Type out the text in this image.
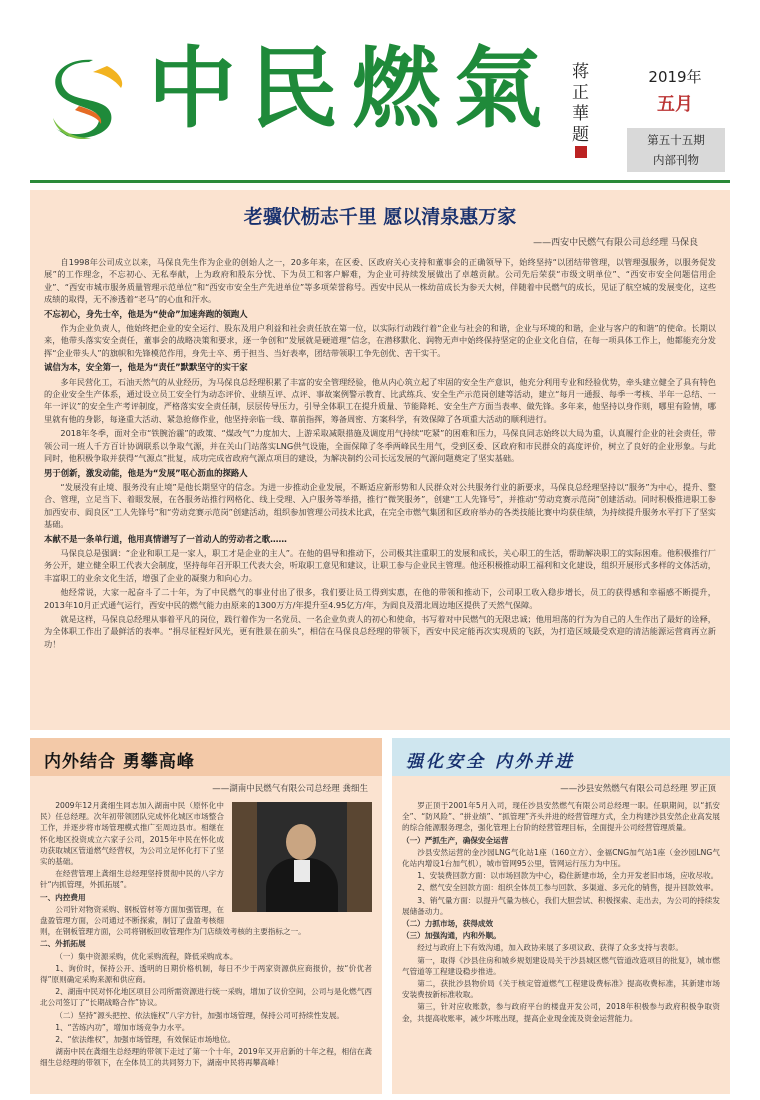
中民燃氣 蒋正華题
2019年
五月
第五十五期
内部刊物
老骥伏枥志千里 愿以清泉惠万家
——西安中民燃气有限公司总经理 马保良

自1998年公司成立以来，马保良先生作为企业的创始人之一，20多年来，在区委、区政府关心支持和董事会的正确领导下，始终坚持“以团结带管理，以管理强服务，以服务促发展”的工作理念，不忘初心、无私奉献，上为政府和股东分忧、下为员工和客户解难，为企业可持续发展做出了卓越贡献。公司先后荣获“市级文明单位”、“西安市安全问题信用企业”、“西安市城市服务质量管理示范单位”和“西安市安全生产先进单位”等多项荣誉称号。西安中民从一株幼苗成长为参天大树，伴随着中民燃气的成长，见证了航空城的发展变化，这些成绩的取得，无不渗透着“老马”的心血和汗水。

不忘初心，身先士卒，他是为“使命”加速奔跑的领跑人

作为企业负责人，他始终把企业的安全运行、股东及用户利益和社会责任放在第一位，以实际行动践行着“企业与社会的和谐，企业与环境的和谐，企业与客户的和谐”的使命。长期以来，他带头落实安全责任，董事会的战略决策和要求，逐一争创和“发展就是硬道理”信念，在潜移默化、润物无声中始终保持坚定的企业文化自信，在每一项具体工作上，他都能充分发挥“企业带头人”的旗帜和先锋模范作用，身先士卒、勇于担当、当好表率，团结带领职工争先创优、苦干实干。

诚信为本，安全第一，他是为“责任”默默坚守的实干家

多年民营化工，石油天然气的从业经历，为马保良总经理积累了丰富的安全管理经验，他从内心筑立起了牢固的安全生产意识，他充分利用专业和经验优势，牵头建立健全了具有特色的企业安全生产体系，通过设立员工安全行为动态评价、业绩互评、点评、事故案例警示教育、比武练兵、安全生产示范岗创建等活动，建立“每月一通报、每季一考核、半年一总结、一年一评议”的安全生产考评制度，严格落实安全责任制，层层传导压力，引导全体职工在提升质量、节能降耗、安全生产方面当表率、做先锋。多年来，他坚持以身作则，哪里有险情，哪里就有他的身影，每逢重大活动、紧急抢修作业，他坚持亲临一线、靠前指挥，筹备周密、方案科学，有效保障了各项重大活动的顺利进行。

2018年冬季，面对全市“铁腕治霾”的政策、“煤改气”力度加大、上游采取减限措施及调度用气持续“吃紧”的困难和压力，马保良同志始终以大局为重，认真履行企业的社会责任，带领公司一班人千方百计协调联系以争取气源，并在关山门站落实LNG供气设施，全面保障了冬季两峰民生用气，受到区委、区政府和市民群众的高度评价，树立了良好的企业形象。与此同时，他积极争取并获得“气源点”批复，成功完成省政府气源点项目的建设，为解决制约公司长远发展的气源问题奠定了坚实基础。

男于创新，激发动能，他是为“发展”呕心沥血的探路人

“发展没有止境、服务没有止境”是他长期坚守的信念。为进一步推动企业发展，不断适应新形势和人民群众对公共服务行业的新要求，马保良总经理坚持以“服务”为中心，提升、整合、管理，立足当下、着眼发展，在各服务站推行网格化、线上受理、入户服务等举措，推行“微笑服务”，创建“工人先锋号”，并推动“劳动竞赛示范岗”创建活动。同时积极推进职工参加西安市、阎良区“工人先锋号”和“劳动竞赛示范岗”创建活动，组织参加管理公司技术比武，在完全市燃气集团和区政府举办的各类技能比赛中均获佳绩，为持续提升服务水平打下了坚实基础。

本献不是一条单行道，他用真情谱写了一首动人的劳动者之歌……

马保良总是强调：“企业和职工是一家人，职工才是企业的主人”。在他的倡导和推动下，公司极其注重职工的发展和成长，关心职工的生活，帮助解决职工的实际困难。他积极推行厂务公开，建立健全职工代表大会制度，坚持每年召开职工代表大会，听取职工意见和建议，让职工参与企业民主管理。他还积极推动职工福利和文化建设，组织开展形式多样的文体活动，丰富职工的业余文化生活，增强了企业的凝聚力和向心力。

他经常说，大家一起奋斗了二十年，为了中民燃气的事业付出了很多，我们要让员工得到实惠，在他的带领和推动下，公司职工收入稳步增长，员工的获得感和幸福感不断提升，2013年10月正式通气运行，西安中民的燃气能力由原来的1300万方/年提升至4.95亿方/年，为阎良及渭北周边地区提供了天然气保障。

就是这样，马保良总经理从事着平凡的岗位，践行着作为一名党员、一名企业负责人的初心和使命，书写着对中民燃气的无限忠诚；他用坦荡的行为为自己的人生作出了最好的诠释，为全体职工作出了最鲜活的表率。“捐尽征程好风光，更有胜景在前头”，相信在马保良总经理的带领下，西安中民定能再次实现质的飞跃，为打造区域最受欢迎的清洁能源运营商再立新功！

内外结合 勇攀高峰
——湖南中民燃气有限公司总经理 龚细生

2009年12月龚细生同志加入湖南中民（原怀化中民）任总经理。次年初带领团队完成怀化城区市场整合工作，并逐步将市场管理模式推广至周边县市。相继在怀化地区投资成立六家子公司，2015年中民在怀化成功获取城区管道燃气经营权，为公司立足怀化打下了坚实的基础。

在经营管理上龚细生总经理坚持贯彻中民的八字方针“内抓管理，外抓拓展”。

一、内控费用

公司针对物资采购、钢板管材等方面加强管理，在盘盈管理方面，公司通过不断探索，制订了盘盈考核细则，在钢板管理方面，公司将钢板回收管理作为门店绩效考核的主要指标之一。

二、外抓拓展

（一）集中资源采购，优化采购流程，降低采购成本。

1、询价时，保持公开、透明的日期价格机制，每日不少于两家资源供应商报价，按“价优者得”原则确定采购来源和供应商。

2、湖南中民对怀化地区项目公司所需资源进行统一采购，增加了议价空间，公司与是化燃气西北公司签订了“长期战略合作”协议。

（二）坚持“源头把控、依法施权”八字方针，加强市场管理，保持公司可持续性发展。

1、“苦练内功”，增加市场竞争力水平。

2、“依法维权”，加强市场管理，有效保证市场地位。

湖南中民在龚细生总经理的带领下走过了第一个十年，2019年又开启新的十年之程，相信在龚细生总经理的带领下，在全体员工的共同努力下，湖南中民将再攀高峰！

强化安全 内外并进
——沙县安然燃气有限公司总经理 罗正顶

罗正顶于2001年5月入司，现任沙县安然燃气有限公司总经理一职。任职期间，以“抓安全”、“防风险”、“拼业绩”、“抓管理”齐头并进的经营管理方式，全力构建沙县安然企业高发展的综合能源服务理念，强化管理上台阶的经营管理目标，全面提升公司经营管理质量。

（一）严抓生产，确保安全运营

沙县安然运营的金沙园LNG气化站1座（160立方）、金福CNG加气站1座（金沙园LNG气化站内增设1台加气机），城市管网95公里，管网运行压力为中压。

1、安装费回款方面：以市场回款为中心，稳住新建市场，全力开发老旧市场，应收尽收。

2、燃气安全回款方面：组织全体员工参与回款、多渠道、多元化的销售，提升回款效率。

3、销气量方面：以提升气量为核心，我们大胆尝试、积极探索、走出去，为公司的持续发展储备动力。

（二）力抓市场，获得成效

（三）加强沟通，内和外顺。

经过与政府上下有效沟通，加入政协来展了多项议政、获得了众多支持与表彰。

第一，取得《沙县住房和城乡规划建设局关于沙县城区燃气管道改造项目的批复》，城市燃气管道等工程建设稳步推进。

第二，获批沙县物价局《关于核定管道燃气工程建设费标准》提高收费标准，其新建市场安装费按新标准收取。

第三，针对应收账款，参与政府平台的楼盘开发公司，2018年积极参与政府积极争取资金，共提高收账率，减少坏账出现，提高企业现金流及资金运营能力。
